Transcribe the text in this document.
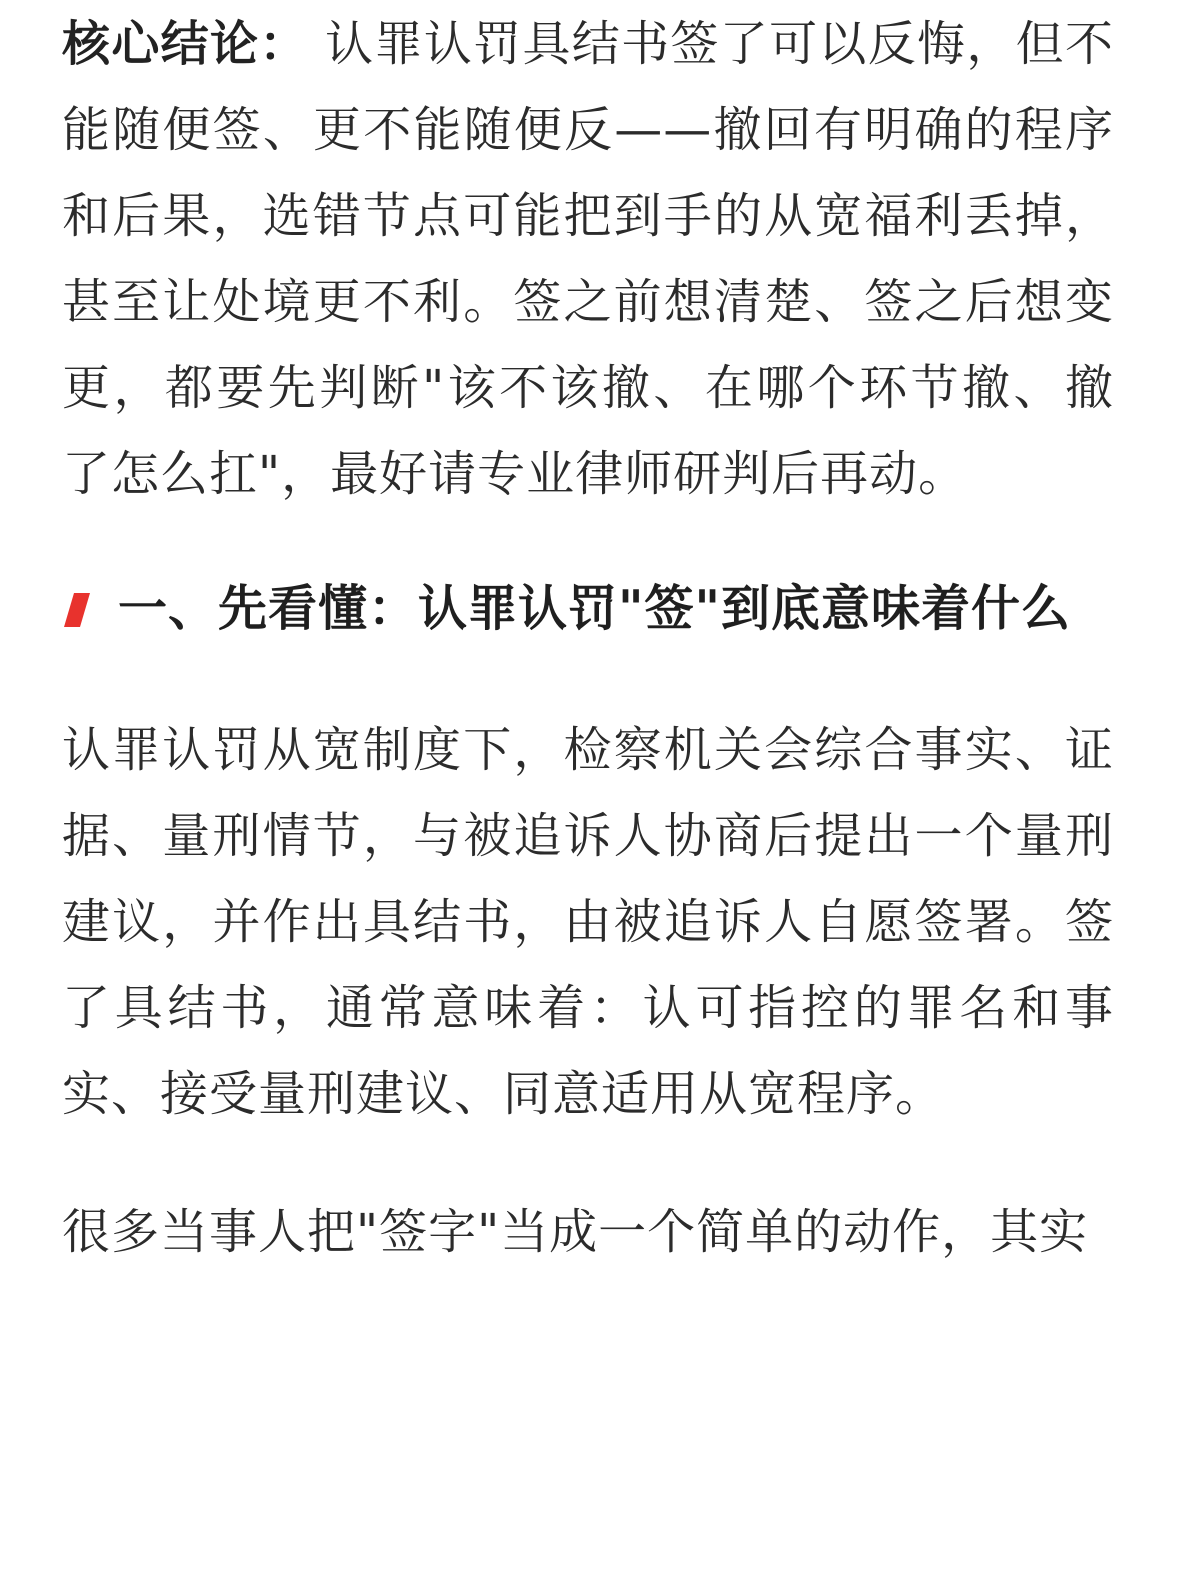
核心结论： 认罪认罚具结书签了可以反悔，但不能随便签、更不能随便反——撤回有明确的程序和后果，选错节点可能把到手的从宽福利丢掉，甚至让处境更不利。签之前想清楚、签之后想变更，都要先判断"该不该撤、在哪个环节撤、撤了怎么扛"，最好请专业律师研判后再动。

一、先看懂：认罪认罚"签"到底意味着什么

认罪认罚从宽制度下，检察机关会综合事实、证据、量刑情节，与被追诉人协商后提出一个量刑建议，并作出具结书，由被追诉人自愿签署。签了具结书，通常意味着：认可指控的罪名和事实、接受量刑建议、同意适用从宽程序。

很多当事人把"签字"当成一个简单的动作，其实
